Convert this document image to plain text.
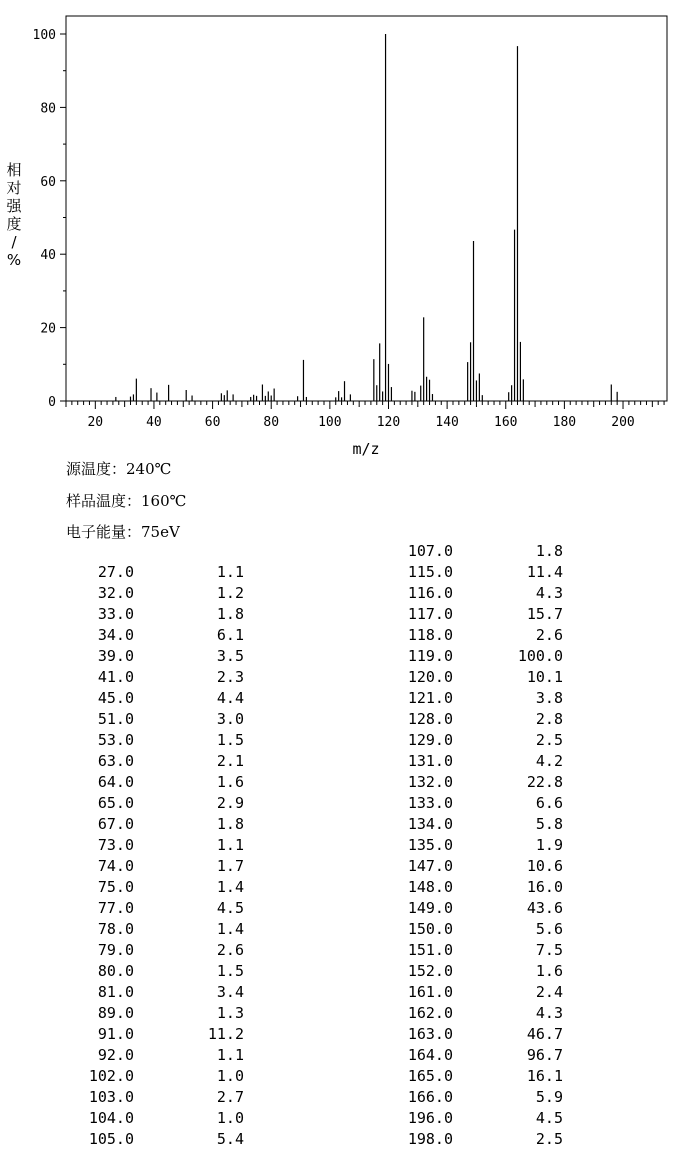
0
20
40
60
80
100
20	40	60	80	100	120	140	160	180	200
m/z
相对强度/ %
源温度：240℃
样品温度：160℃
电子能量：75eV
27.0	1.1
32.0	1.2
33.0	1.8
34.0	6.1
39.0	3.5
41.0	2.3
45.0	4.4
51.0	3.0
53.0	1.5
63.0	2.1
64.0	1.6
65.0	2.9
67.0	1.8
73.0	1.1
74.0	1.7
75.0	1.4
77.0	4.5
78.0	1.4
79.0	2.6
80.0	1.5
81.0	3.4
89.0	1.3
91.0	11.2
92.0	1.1
102.0	1.0
103.0	2.7
104.0	1.0
105.0	5.4
107.0	1.8
115.0	11.4
116.0	4.3
117.0	15.7
118.0	2.6
119.0	100.0
120.0	10.1
121.0	3.8
128.0	2.8
129.0	2.5
131.0	4.2
132.0	22.8
133.0	6.6
134.0	5.8
135.0	1.9
147.0	10.6
148.0	16.0
149.0	43.6
150.0	5.6
151.0	7.5
152.0	1.6
161.0	2.4
162.0	4.3
163.0	46.7
164.0	96.7
165.0	16.1
166.0	5.9
196.0	4.5
198.0	2.5
